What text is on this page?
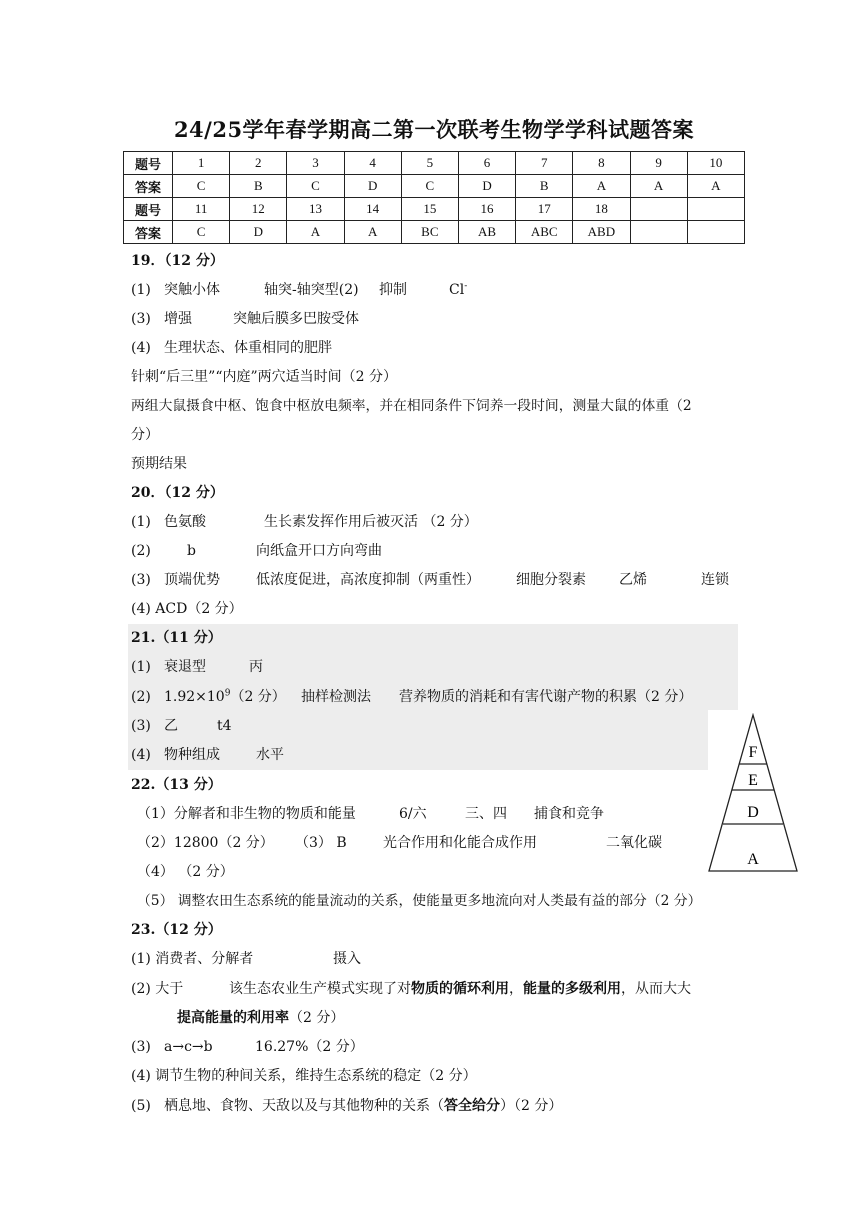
24/25学年春学期高二第一次联考生物学学科试题答案
题号	1	2	3	4	5	6	7	8	9	10
答案	C	B	C	D	C	D	B	A	A	A
题号	11	12	13	14	15	16	17	18		
答案	C	D	A	A	BC	AB	ABC	ABD		
19．（12 分）
(1) 突触小体	轴突-轴突型(2) 抑制	Cl-
(3) 增强	突触后膜多巴胺受体
(4) 生理状态、体重相同的肥胖
针刺“后三里”“内庭”两穴适当时间（2 分）
两组大鼠摄食中枢、饱食中枢放电频率，并在相同条件下饲养一段时间，测量大鼠的体重（2
分）
预期结果
20．（12 分）
(1) 色氨酸	生长素发挥作用后被灭活 （2 分）
(2)	b	向纸盒开口方向弯曲
(3) 顶端优势	低浓度促进，高浓度抑制（两重性）	细胞分裂素 乙烯	连锁
(4) ACD（2 分）
21.（11 分）
(1) 衰退型	丙
(2) $1.92\times 10^9(2$ 分） 抽样检测法 营养物质的消耗和有害代谢产物的积累（2 分）
(3) 乙	t4
(4) 物种组成	水平	F
E
D
A
22.（13 分）
（1）分解者和非生物的物质和能量	6/六	三、四 捕食和竞争
（2）12800（2 分） （3） B	光合作用和化能合成作用	二氧化碳
（4） （2 分）
（5） 调整农田生态系统的能量流动的关系，使能量更多地流向对人类最有益的部分（2 分）
23.（12 分）
(1) 消费者、分解者	摄入
(2) 大于	该生态农业生产模式实现了对物质的循环利用，能量的多级利用，从而大大
提高能量的利用率（2 分）
(3) a→c→b	16.27%（2 分）
(4) 调节生物的种间关系，维持生态系统的稳定（2 分）
(5) 栖息地、食物、天敌以及与其他物种的关系（答全给分）（2 分）
